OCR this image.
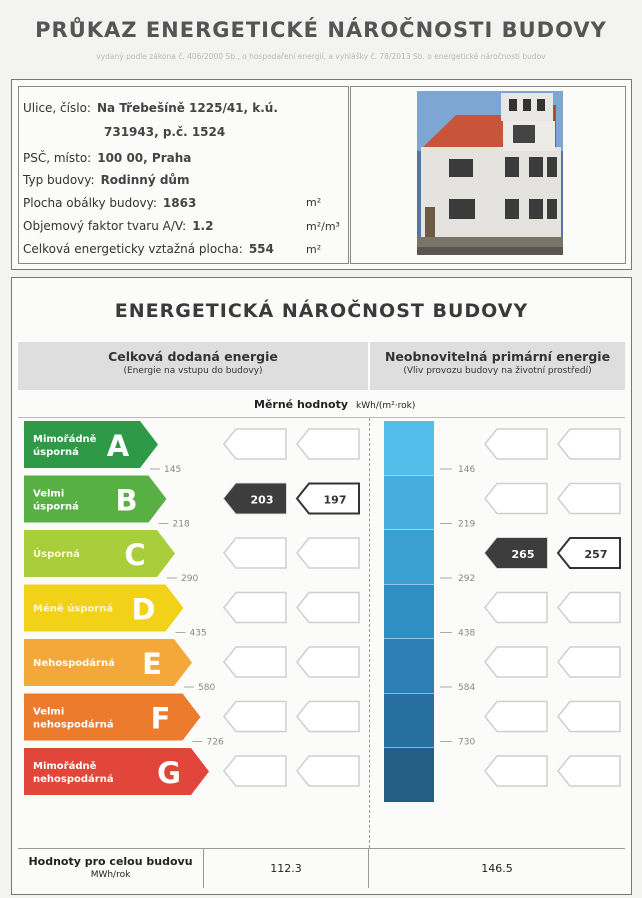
PRŮKAZ ENERGETICKÉ NÁROČNOSTI BUDOVY
vydaný podle zákona č. 406/2000 Sb., o hospodaření energií, a vyhlášky č. 78/2013 Sb. o energetické náročnosti budov
Ulice, číslo: Na Třebešíně 1225/41, k.ú.
731943, p.č. 1524
PSČ, místo: 100 00, Praha
Typ budovy: Rodinný dům
Plocha obálky budovy: 1863	m²
Objemový faktor tvaru A/V: 1.2	m²/m³
Celková energeticky vztažná plocha: 554	m²
ENERGETICKÁ NÁROČNOST BUDOVY
Celková dodaná energie
(Energie na vstupu do budovy)
Neobnovitelná primární energie
(Vliv provozu budovy na životní prostředí)
Měrné hodnoty kWh/(m²·rok)
Mimořádně
úsporná A
Velmi
úsporná B
Úsporná C
Méně úsporná D
Nehospodárná E
Velmi
nehospodárná F
Mimořádně
nehospodárná G
145
218
290
435
580
726
146
219
292
438
584
730
203	197
265	257
Hodnoty pro celou budovu
MWh/rok	112.3	146.5
